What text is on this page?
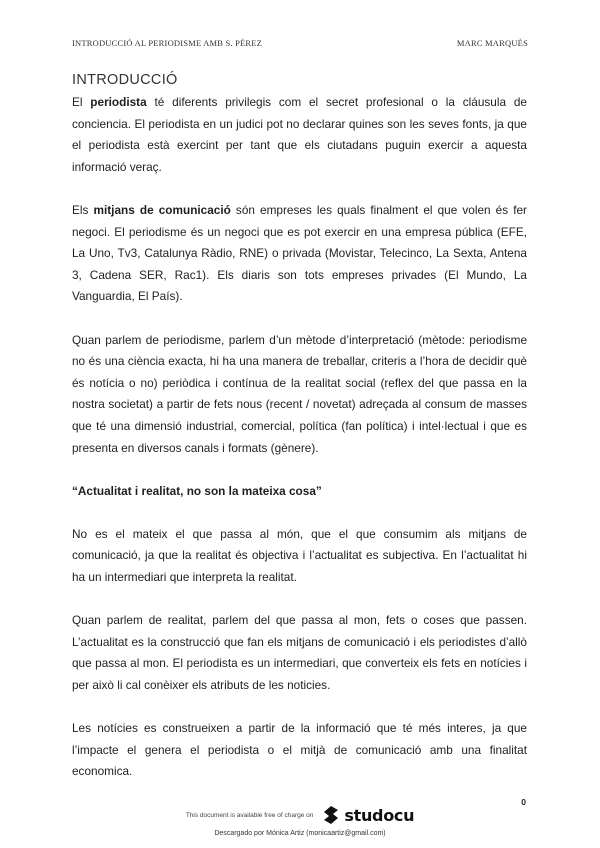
INTRODUCCIÓ AL PERIODISME AMB S. PÉREZ	MARC MARQUÉS
INTRODUCCIÓ

El periodista té diferents privilegis com el secret profesional o la cláusula de conciencia. El periodista en un judici pot no declarar quines son les seves fonts, ja que el periodista està exercint per tant que els ciutadans puguin exercir a aquesta informació veraç.

Els mitjans de comunicació són empreses les quals finalment el que volen és fer negoci. El periodisme és un negoci que es pot exercir en una empresa pública (EFE, La Uno, Tv3, Catalunya Ràdio, RNE) o privada (Movistar, Telecinco, La Sexta, Antena 3, Cadena SER, Rac1). Els diaris son tots empreses privades (El Mundo, La Vanguardia, El País).

Quan parlem de periodisme, parlem d’un mètode d’interpretació (mètode: periodisme no és una ciència exacta, hi ha una manera de treballar, criteris a l’hora de decidir què és notícia o no) periòdica i contínua de la realitat social (reflex del que passa en la nostra societat) a partir de fets nous (recent / novetat) adreçada al consum de masses que té una dimensió industrial, comercial, política (fan política) i intel·lectual i que es presenta en diversos canals i formats (gènere).

“Actualitat i realitat, no son la mateixa cosa”

No es el mateix el que passa al món, que el que consumim als mitjans de comunicació, ja que la realitat és objectiva i l’actualitat es subjectiva. En l’actualitat hi ha un intermediari que interpreta la realitat.

Quan parlem de realitat, parlem del que passa al mon, fets o coses que passen. L’actualitat es la construcció que fan els mitjans de comunicació i els periodistes d’allò que passa al mon. El periodista es un intermediari, que converteix els fets en notícies i per això li cal conèixer els atributs de les noticies.

Les notícies es construeixen a partir de la informació que té més interes, ja que l’impacte el genera el periodista o el mitjà de comunicació amb una finalitat economica.

0
This document is available free of charge on studocu
Descargado por Mónica Artiz (monicaartiz@gmail.com)
